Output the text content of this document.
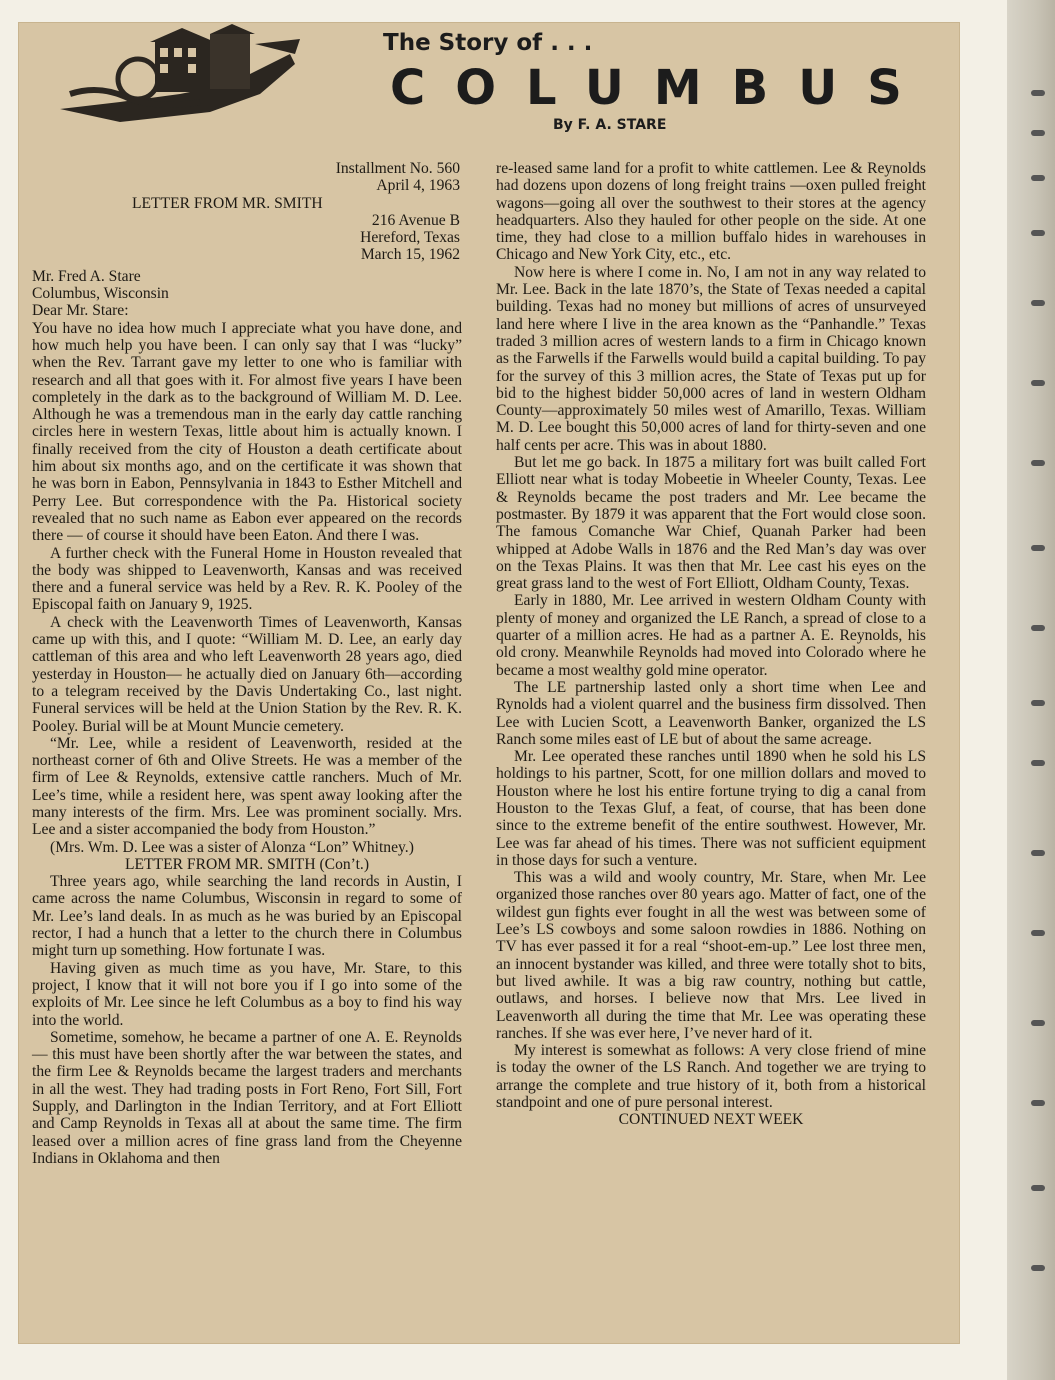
The Story of . . .
COLUMBUS
By F. A. STARE

Installment No. 560

April 4, 1963

LETTER FROM MR. SMITH

216 Avenue B

Hereford, Texas

March 15, 1962

Mr. Fred A. Stare

Columbus, Wisconsin

Dear Mr. Stare:

You have no idea how much I appreciate what you have done, and how much help you have been. I can only say that I was “lucky” when the Rev. Tarrant gave my letter to one who is familiar with research and all that goes with it. For almost five years I have been completely in the dark as to the background of William M. D. Lee. Although he was a tremendous man in the early day cattle ranching circles here in western Texas, little about him is actually known. I finally received from the city of Houston a death certificate about him about six months ago, and on the certificate it was shown that he was born in Eabon, Pennsylvania in 1843 to Esther Mitchell and Perry Lee. But correspondence with the Pa. Historical society revealed that no such name as Eabon ever appeared on the records there — of course it should have been Eaton. And there I was.

A further check with the Funeral Home in Houston revealed that the body was shipped to Leavenworth, Kansas and was received there and a funeral service was held by a Rev. R. K. Pooley of the Episcopal faith on January 9, 1925.

A check with the Leavenworth Times of Leavenworth, Kansas came up with this, and I quote: “William M. D. Lee, an early day cattleman of this area and who left Leavenworth 28 years ago, died yesterday in Houston— he actually died on January 6th—according to a telegram received by the Davis Undertaking Co., last night. Funeral services will be held at the Union Station by the Rev. R. K. Pooley. Burial will be at Mount Muncie cemetery.

“Mr. Lee, while a resident of Leavenworth, resided at the northeast corner of 6th and Olive Streets. He was a member of the firm of Lee & Reynolds, extensive cattle ranchers. Much of Mr. Lee’s time, while a resident here, was spent away looking after the many interests of the firm. Mrs. Lee was prominent socially. Mrs. Lee and a sister accompanied the body from Houston.”

(Mrs. Wm. D. Lee was a sister of Alonza “Lon” Whitney.)

LETTER FROM MR. SMITH (Con’t.)

Three years ago, while searching the land records in Austin, I came across the name Columbus, Wisconsin in regard to some of Mr. Lee’s land deals. In as much as he was buried by an Episcopal rector, I had a hunch that a letter to the church there in Columbus might turn up something. How fortunate I was.

Having given as much time as you have, Mr. Stare, to this project, I know that it will not bore you if I go into some of the exploits of Mr. Lee since he left Columbus as a boy to find his way into the world.

Sometime, somehow, he became a partner of one A. E. Reynolds — this must have been shortly after the war between the states, and the firm Lee & Reynolds became the largest traders and merchants in all the west. They had trading posts in Fort Reno, Fort Sill, Fort Supply, and Darlington in the Indian Territory, and at Fort Elliott and Camp Reynolds in Texas all at about the same time. The firm leased over a million acres of fine grass land from the Cheyenne Indians in Oklahoma and then

re-leased same land for a profit to white cattlemen. Lee & Reynolds had dozens upon dozens of long freight trains —oxen pulled freight wagons—going all over the southwest to their stores at the agency headquarters. Also they hauled for other people on the side. At one time, they had close to a million buffalo hides in warehouses in Chicago and New York City, etc., etc.

Now here is where I come in. No, I am not in any way related to Mr. Lee. Back in the late 1870’s, the State of Texas needed a capital building. Texas had no money but millions of acres of unsurveyed land here where I live in the area known as the “Panhandle.” Texas traded 3 million acres of western lands to a firm in Chicago known as the Farwells if the Farwells would build a capital building. To pay for the survey of this 3 million acres, the State of Texas put up for bid to the highest bidder 50,000 acres of land in western Oldham County—approximately 50 miles west of Amarillo, Texas. William M. D. Lee bought this 50,000 acres of land for thirty-seven and one half cents per acre. This was in about 1880.

But let me go back. In 1875 a military fort was built called Fort Elliott near what is today Mobeetie in Wheeler County, Texas. Lee & Reynolds became the post traders and Mr. Lee became the postmaster. By 1879 it was apparent that the Fort would close soon. The famous Comanche War Chief, Quanah Parker had been whipped at Adobe Walls in 1876 and the Red Man’s day was over on the Texas Plains. It was then that Mr. Lee cast his eyes on the great grass land to the west of Fort Elliott, Oldham County, Texas.

Early in 1880, Mr. Lee arrived in western Oldham County with plenty of money and organized the LE Ranch, a spread of close to a quarter of a million acres. He had as a partner A. E. Reynolds, his old crony. Meanwhile Reynolds had moved into Colorado where he became a most wealthy gold mine operator.

The LE partnership lasted only a short time when Lee and Rynolds had a violent quarrel and the business firm dissolved. Then Lee with Lucien Scott, a Leavenworth Banker, organized the LS Ranch some miles east of LE but of about the same acreage.

Mr. Lee operated these ranches until 1890 when he sold his LS holdings to his partner, Scott, for one million dollars and moved to Houston where he lost his entire fortune trying to dig a canal from Houston to the Texas Gluf, a feat, of course, that has been done since to the extreme benefit of the entire southwest. However, Mr. Lee was far ahead of his times. There was not sufficient equipment in those days for such a venture.

This was a wild and wooly country, Mr. Stare, when Mr. Lee organized those ranches over 80 years ago. Matter of fact, one of the wildest gun fights ever fought in all the west was between some of Lee’s LS cowboys and some saloon rowdies in 1886. Nothing on TV has ever passed it for a real “shoot-em-up.” Lee lost three men, an innocent bystander was killed, and three were totally shot to bits, but lived awhile. It was a big raw country, nothing but cattle, outlaws, and horses. I believe now that Mrs. Lee lived in Leavenworth all during the time that Mr. Lee was operating these ranches. If she was ever here, I’ve never hard of it.

My interest is somewhat as follows: A very close friend of mine is today the owner of the LS Ranch. And together we are trying to arrange the complete and true history of it, both from a historical standpoint and one of pure personal interest.

CONTINUED NEXT WEEK
